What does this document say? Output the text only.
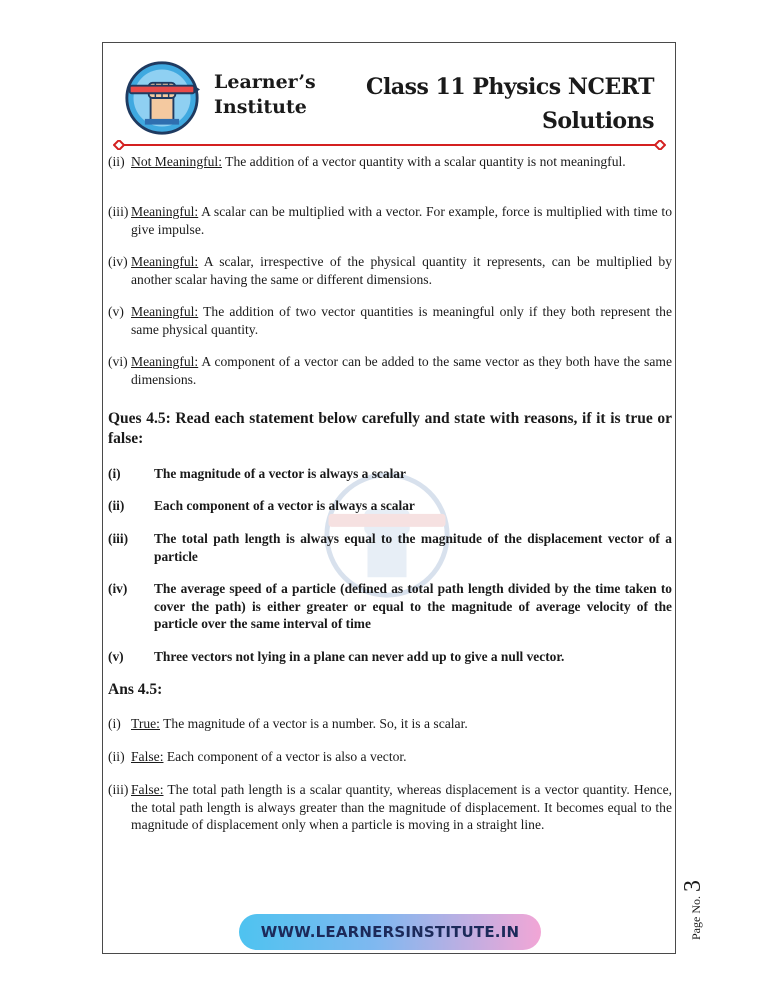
Learner’s
Institute
Class 11 Physics NCERT
Solutions
(ii) Not Meaningful: The addition of a vector quantity with a scalar quantity is not meaningful.
(iii) Meaningful: A scalar can be multiplied with a vector. For example, force is multiplied with time to give impulse.
(iv) Meaningful: A scalar, irrespective of the physical quantity it represents, can be multiplied by another scalar having the same or different dimensions.
(v) Meaningful: The addition of two vector quantities is meaningful only if they both represent the same physical quantity.
(vi) Meaningful: A component of a vector can be added to the same vector as they both have the same dimensions.
Ques 4.5: Read each statement below carefully and state with reasons, if it is true or false:
(i) The magnitude of a vector is always a scalar
(ii) Each component of a vector is always a scalar
(iii) The total path length is always equal to the magnitude of the displacement vector of a particle
(iv) The average speed of a particle (defined as total path length divided by the time taken to cover the path) is either greater or equal to the magnitude of average velocity of the particle over the same interval of time
(v) Three vectors not lying in a plane can never add up to give a null vector.
Ans 4.5:
(i) True: The magnitude of a vector is a number. So, it is a scalar.
(ii) False: Each component of a vector is also a vector.
(iii) False: The total path length is a scalar quantity, whereas displacement is a vector quantity. Hence, the total path length is always greater than the magnitude of displacement. It becomes equal to the magnitude of displacement only when a particle is moving in a straight line.
WWW.LEARNERSINSTITUTE.IN	Page No.3
